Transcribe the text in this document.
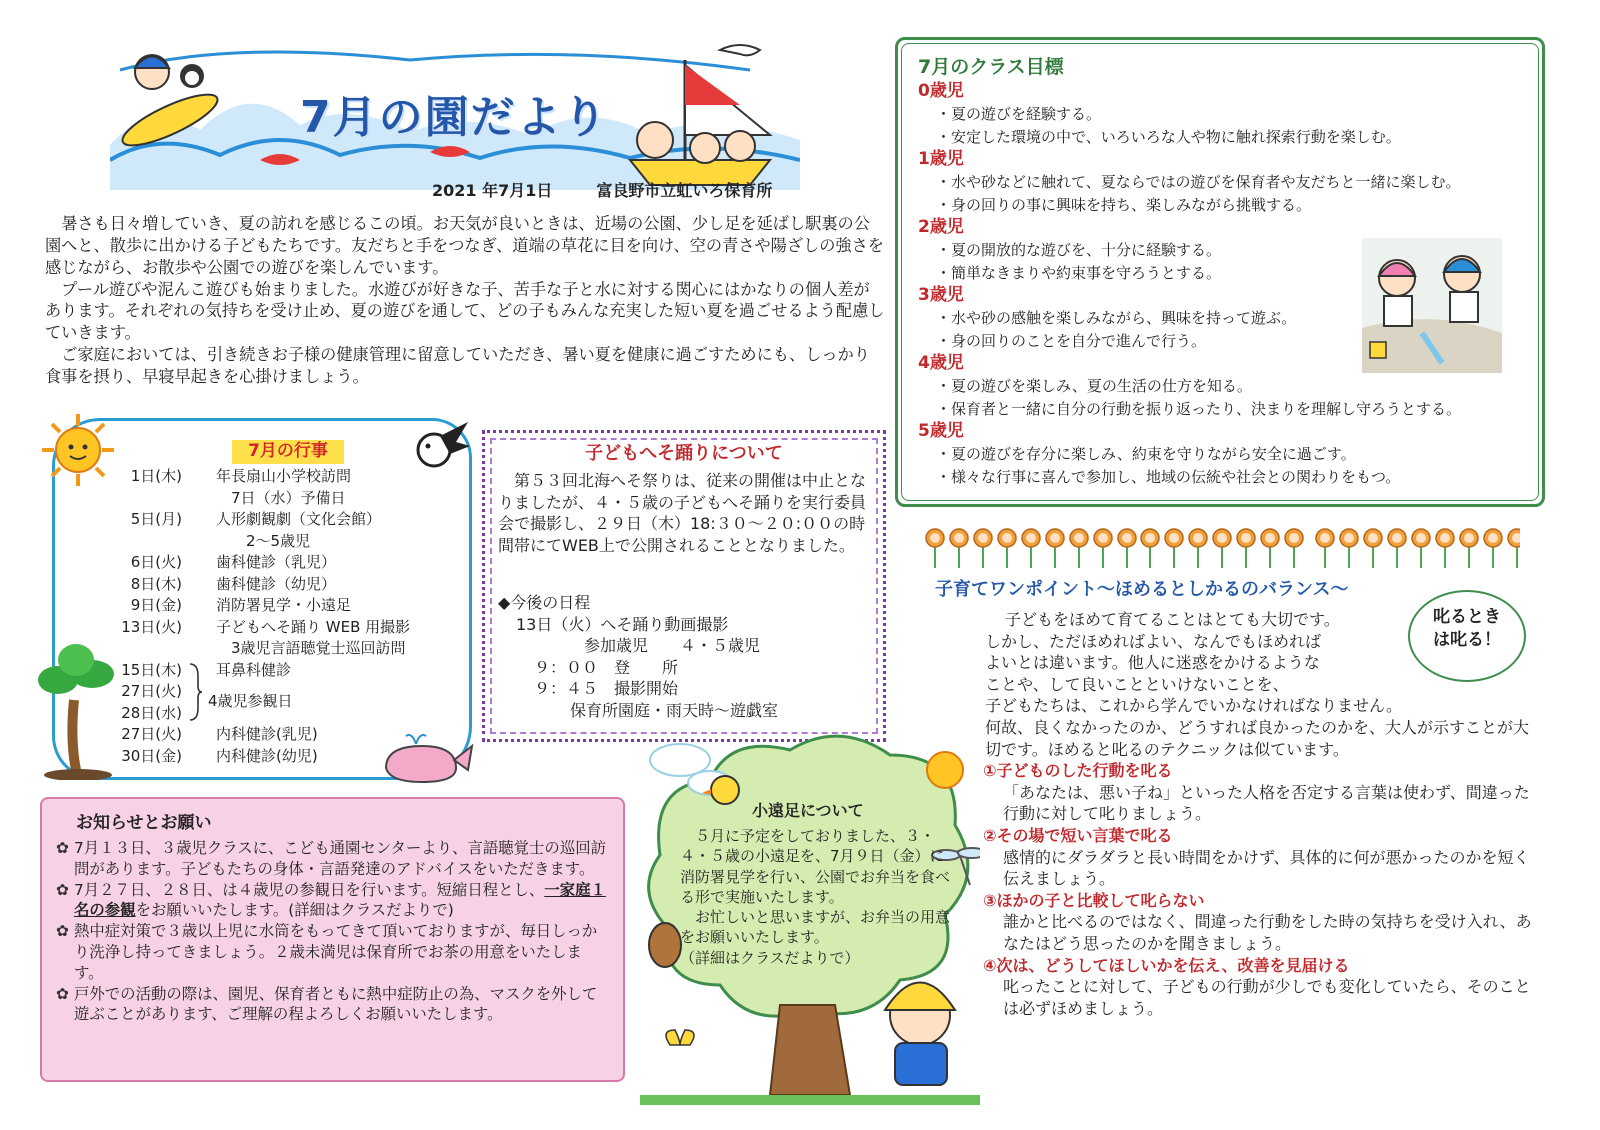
7月の園だより
2021 年7月1日	富良野市立虹いろ保育所

暑さも日々増していき、夏の訪れを感じるこの頃。お天気が良いときは、近場の公園、少し足を延ばし駅裏の公園へと、散歩に出かける子どもたちです。友だちと手をつなぎ、道端の草花に目を向け、空の青さや陽ざしの強さを感じながら、お散歩や公園での遊びを楽しんでいます。

プール遊びや泥んこ遊びも始まりました。水遊びが好きな子、苦手な子と水に対する関心にはかなりの個人差があります。それぞれの気持ちを受け止め、夏の遊びを通して、どの子もみんな充実した短い夏を過ごせるよう配慮していきます。

ご家庭においては、引き続きお子様の健康管理に留意していただき、暑い夏を健康に過ごすためにも、しっかり食事を摂り、早寝早起きを心掛けましょう。

7月の行事
1日(木) 年長扇山小学校訪問
　7日（水）予備日
5日(月) 人形劇観劇（文化会館）
　　2～5歳児
6日(火) 歯科健診（乳児）
8日(木) 歯科健診（幼児）
9日(金) 消防署見学・小遠足
13日(火) 子どもへそ踊り WEB 用撮影
　3歳児言語聴覚士巡回訪問
15日(木) 耳鼻科健診
27日(火)
28日(水)
27日(火) 内科健診(乳児)
30日(金) 内科健診(幼児)
4歳児参観日
子どもへそ踊りについて

第５３回北海へそ祭りは、従来の開催は中止となりましたが、４・５歳の子どもへそ踊りを実行委員会で撮影し、２９日（木）18:３０～２０:００の時間帯にてWEB上で公開されることとなりました。

◆今後の日程
13日（火）へそ踊り動画撮影
参加歳児　　４・５歳児
９：００　登　　所
９：４５　撮影開始
保育所園庭・雨天時～遊戯室
お知らせとお願い
✿ 7月１３日、３歳児クラスに、こども通園センターより、言語聴覚士の巡回訪問があります。子どもたちの身体・言語発達のアドバイスをいただきます。
✿ 7月２７日、２８日、は４歳児の参観日を行います。短縮日程とし、一家庭１名の参観をお願いいたします。(詳細はクラスだよりで)
✿ 熱中症対策で３歳以上児に水筒をもってきて頂いておりますが、毎日しっかり洗浄し持ってきましょう。２歳未満児は保育所でお茶の用意をいたします。
✿ 戸外での活動の際は、園児、保育者ともに熱中症防止の為、マスクを外して遊ぶことがあります、ご理解の程よろしくお願いいたします。
小遠足について

５月に予定をしておりました、３・４・５歳の小遠足を、7月９日（金）に消防署見学を行い、公園でお弁当を食べる形で実施いたします。

お忙しいと思いますが、お弁当の用意をお願いいたします。

（詳細はクラスだよりで）

7月のクラス目標
0歳児
・夏の遊びを経験する。
・安定した環境の中で、いろいろな人や物に触れ探索行動を楽しむ。
1歳児
・水や砂などに触れて、夏ならではの遊びを保育者や友だちと一緒に楽しむ。
・身の回りの事に興味を持ち、楽しみながら挑戦する。
2歳児
・夏の開放的な遊びを、十分に経験する。
・簡単なきまりや約束事を守ろうとする。
3歳児
・水や砂の感触を楽しみながら、興味を持って遊ぶ。
・身の回りのことを自分で進んで行う。
4歳児
・夏の遊びを楽しみ、夏の生活の仕方を知る。
・保育者と一緒に自分の行動を振り返ったり、決まりを理解し守ろうとする。
5歳児
・夏の遊びを存分に楽しみ、約束を守りながら安全に過ごす。
・様々な行事に喜んで参加し、地域の伝統や社会との関わりをもつ。
子育てワンポイント～ほめるとしかるのバランス～
叱るとき
は叱る！
子どもをほめて育てることはとても大切です。
しかし、ただほめればよい、なんでもほめれば
よいとは違います。他人に迷惑をかけるような
ことや、して良いことといけないことを、
子どもたちは、これから学んでいかなければなりません。
何故、良くなかったのか、どうすれば良かったのかを、大人が示すことが大切です。ほめると叱るのテクニックは似ています。
①子どものした行動を叱る
「あなたは、悪い子ね」といった人格を否定する言葉は使わず、間違った行動に対して叱りましょう。
②その場で短い言葉で叱る
感情的にダラダラと長い時間をかけず、具体的に何が悪かったのかを短く伝えましょう。
③ほかの子と比較して叱らない
誰かと比べるのではなく、間違った行動をした時の気持ちを受け入れ、あなたはどう思ったのかを聞きましょう。
④次は、どうしてほしいかを伝え、改善を見届ける
叱ったことに対して、子どもの行動が少しでも変化していたら、そのことは必ずほめましょう。
